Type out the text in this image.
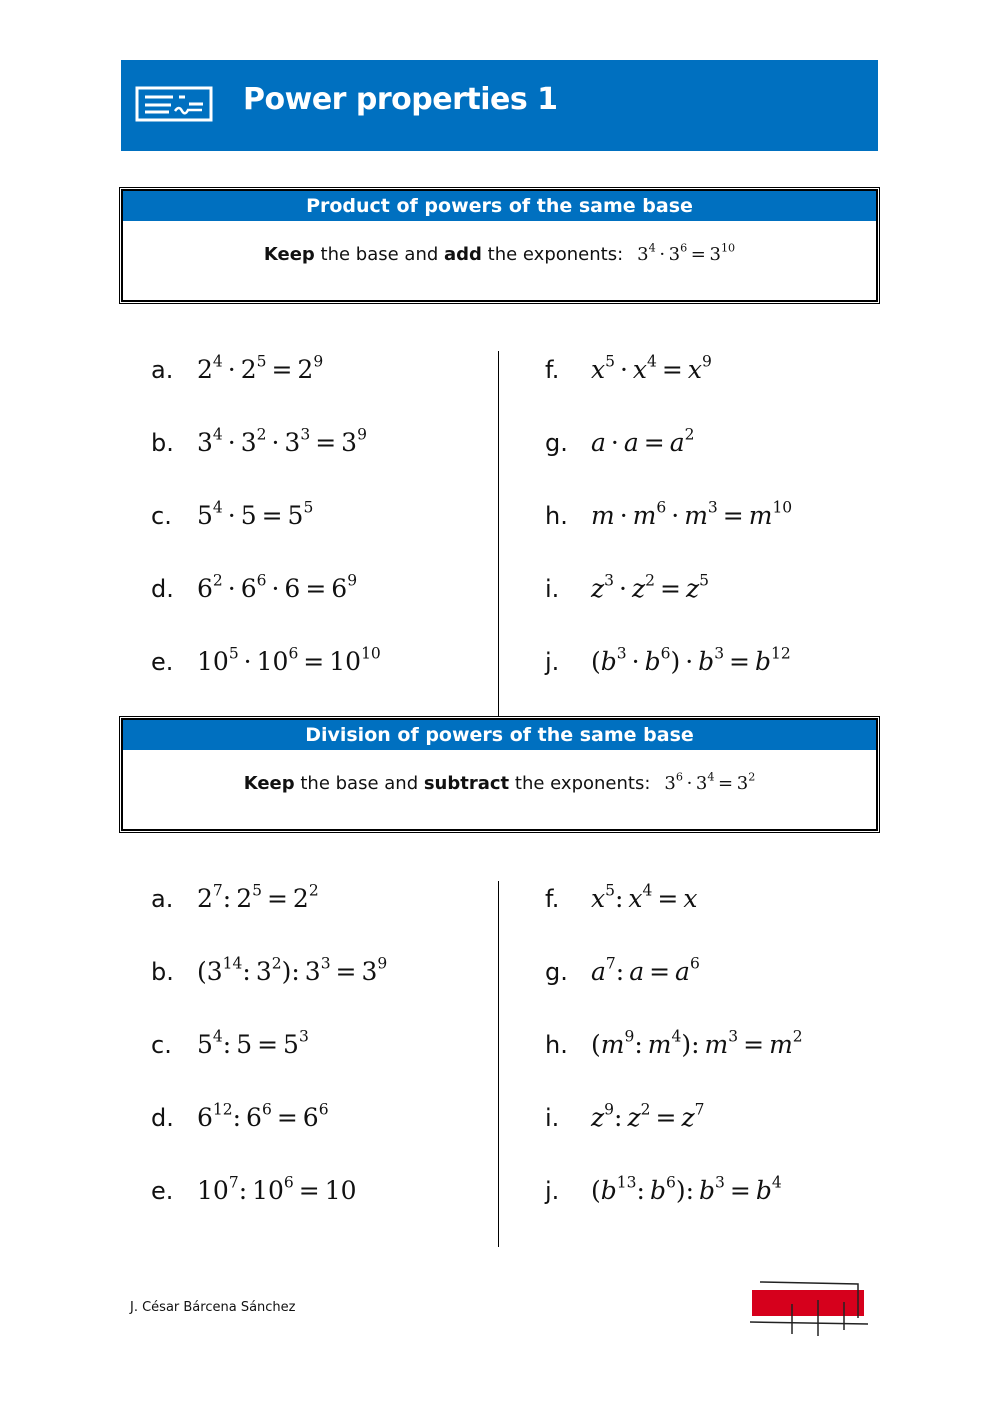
Power properties 1
Product of powers of the same base
Keep the base and add the exponents: $3^4 \cdot 3^6 = 3^{10}$
a. $2^4 \cdot 2^5 = 2^9$
b. $3^4 \cdot 3^2 \cdot 3^3 = 3^9$
c. $5^4 \cdot 5 = 5^5$
d. $6^2 \cdot 6^6 \cdot 6 = 6^9$
e. $10^5 \cdot 10^6 = 10^{10}$
f. $x^5 \cdot x^4 = x^9$
g. $a \cdot a = a^2$
h. $m \cdot m^6 \cdot m^3 = m^{10}$
i. $z^3 \cdot z^2 = z^5$
j. $(b^3 \cdot b^6) \cdot b^3 = b^{12}$
Division of powers of the same base
Keep the base and subtract the exponents: $3^6 \cdot 3^4 = 3^2$
a. $2^7$: $2^5 = 2^2$
b. ($3^{14}$: $3^2$): $3^3 = 3^9$
c. $5^4$: $5 = 5^3$
d. $6^{12}$: $6^6 = 6^6$
e. $10^7$: $10^6 = 10$
f. $x^5$: $x^4 = x$
g. $a^7$: $a = a^6$
h. ($m^9$: $m^4$): $m^3 = m^2$
i. $z^9$: $z^2 = z^7$
j. ($b^{13}$: $b^6$): $b^3 = b^4$
J. César Bárcena Sánchez
